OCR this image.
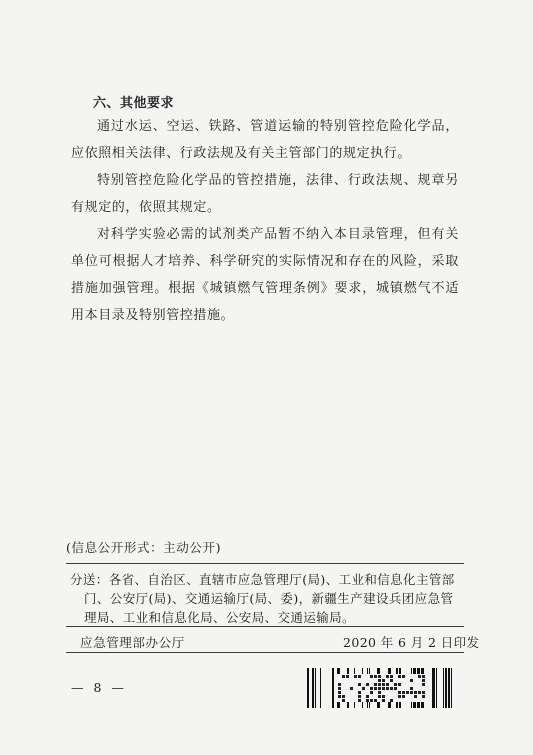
六、其他要求

通过水运、空运、铁路、管道运输的特别管控危险化学品，应依照相关法律、行政法规及有关主管部门的规定执行。

特别管控危险化学品的管控措施，法律、行政法规、规章另有规定的，依照其规定。

对科学实验必需的试剂类产品暂不纳入本目录管理，但有关单位可根据人才培养、科学研究的实际情况和存在的风险，采取措施加强管理。根据《城镇燃气管理条例》要求，城镇燃气不适用本目录及特别管控措施。

(信息公开形式：主动公开)

分送：各省、自治区、直辖市应急管理厅(局)、工业和信息化主管部门、公安厅(局)、交通运输厅(局、委)，新疆生产建设兵团应急管理局、工业和信息化局、公安局、交通运输局。

应急管理部办公厅	2020 年 6 月 2 日印发
— 8 —
